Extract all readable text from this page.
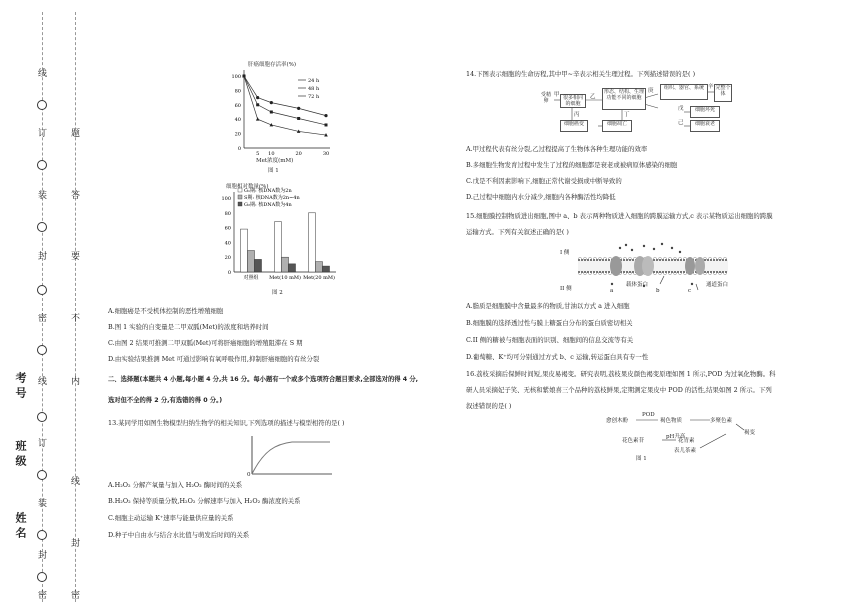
线
订
装
封
密
线
订
装
封
密
题
答
要
不
内
线
封
密
考号
班级
姓名
100
80
60
40
20
0
5 10	20	30
24 h
48 h
72 h
肝癌细胞存活率(%)
Met浓度(mM)
图 1
100
80
60
40
20
0
对照组 Met(10 mM) Met(20 mM)
G₁期: 核DNA数为2n
S期: 核DNA数为2n~4n
G₂期: 核DNA数为4n
细胞相对数量(%)
图 2
A.细胞癌是不受机体控制的恶性增殖细胞
B.图 1 实验的自变量是二甲双胍(Met)的浓度和培养时间
C.由图 2 结果可推测二甲双胍(Met)可将肝癌细胞的增殖阻滞在 S 期
D.由实验结果推测 Met 可通过影响有氧呼吸作用,抑制肝癌细胞的有丝分裂
二、选择题(本题共 4 小题,每小题 4 分,共 16 分。每小题有一个或多个选项符合题目要求,全部选对的得 4 分,
选对但不全的得 2 分,有选错的得 0 分。)
13.某同学用如图生物模型归纳生物学的相关知识,下列选项的描述与模型相符的是( )
0
A.H₂O₂ 分解产氧量与加入 H₂O₂ 酶时间的关系
B.H₂O₂ 保持等质量分数,H₂O₂ 分解速率与加入 H₂O₂ 酶浓度的关系
C.细胞主动运输 K⁺速率与能量供应量的关系
D.种子中自由水与结合水比值与萌发后时间的关系
14.下图表示细胞的生命历程,其中甲~辛表示相关生理过程。下列描述错误的是( )
受精卵	很多相同的细胞
形态、结构、生理功能不同的细胞
细胞癌变	细胞凋亡
组织、器官、系统	完整个体
细胞坏死
细胞衰老
甲	乙
丙	丁
庚
辛
戊
己
A.甲过程代表有丝分裂,乙过程提高了生物体各种生理功能的效率
B.多细胞生物发育过程中发生了过程的细胞都是衰老或被病原体感染的细胞
C.戊是不利因素影响下,细胞正常代谢受损或中断导致的
D.己过程中细胞内水分减少,细胞内各种酶活性均降低
15.细胞膜控制物质进出细胞,图中 a、b 表示两种物质进入细胞的跨膜运输方式,c 表示某物质运出细胞的跨膜
运输方式。下列有关叙述正确的是( )
I 侧
II 侧
载体蛋白	通道蛋白
a	b	c
A.脂质是细胞膜中含量最多的物质,甘油以方式 a 进入细胞
B.细胞膜的选择透过性与膜上糖蛋白分布的蛋白质密切相关
C.II 侧的糖被与细胞表面的识别、细胞间的信息交流等有关
D.葡萄糖、K⁺均可分别通过方式 b、c 运输,转运蛋白具有专一性
16.荔枝采摘后保鲜时间短,果皮易褐变。研究表明,荔枝果皮颜色褐变原理如图 1 所示,POD 为过氧化物酶。科
研人员采摘妃子笑、无核和紫娘喜三个品种的荔枝鲜果,定期测定果皮中 POD 的活性,结果如图 2 所示。下列
叙述错误的是( )
愈创木酚
POD
褐色物质	多聚色素
褐变
花色素苷	花青素
pH升高
表儿茶素
图 1
